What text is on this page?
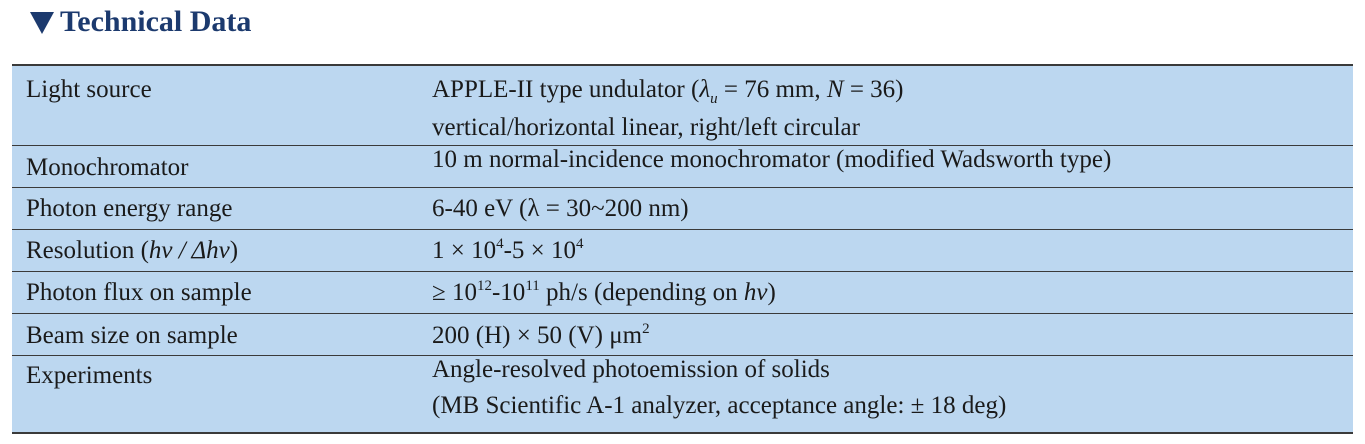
Technical Data
Light source	APPLE-II type undulator ($\lambda_u = 76$ mm, N = 36)
vertical/horizontal linear, right/left circular
Monochromator	10 m normal-incidence monochromator (modified Wadsworth type)
Photon energy range	6-40 eV (λ = 30~200 nm)
Resolution (hν / Δhν)	$1 \times 10^4-5 \times 10^4$
Photon flux on sample	≥ $10^{12}-10^{11}$ ph/s (depending on hν)
Beam size on sample	200 (H) × 50 (V) $\mu m^2$
Experiments	Angle-resolved photoemission of solids
(MB Scientific A-1 analyzer, acceptance angle: ± 18 deg)
